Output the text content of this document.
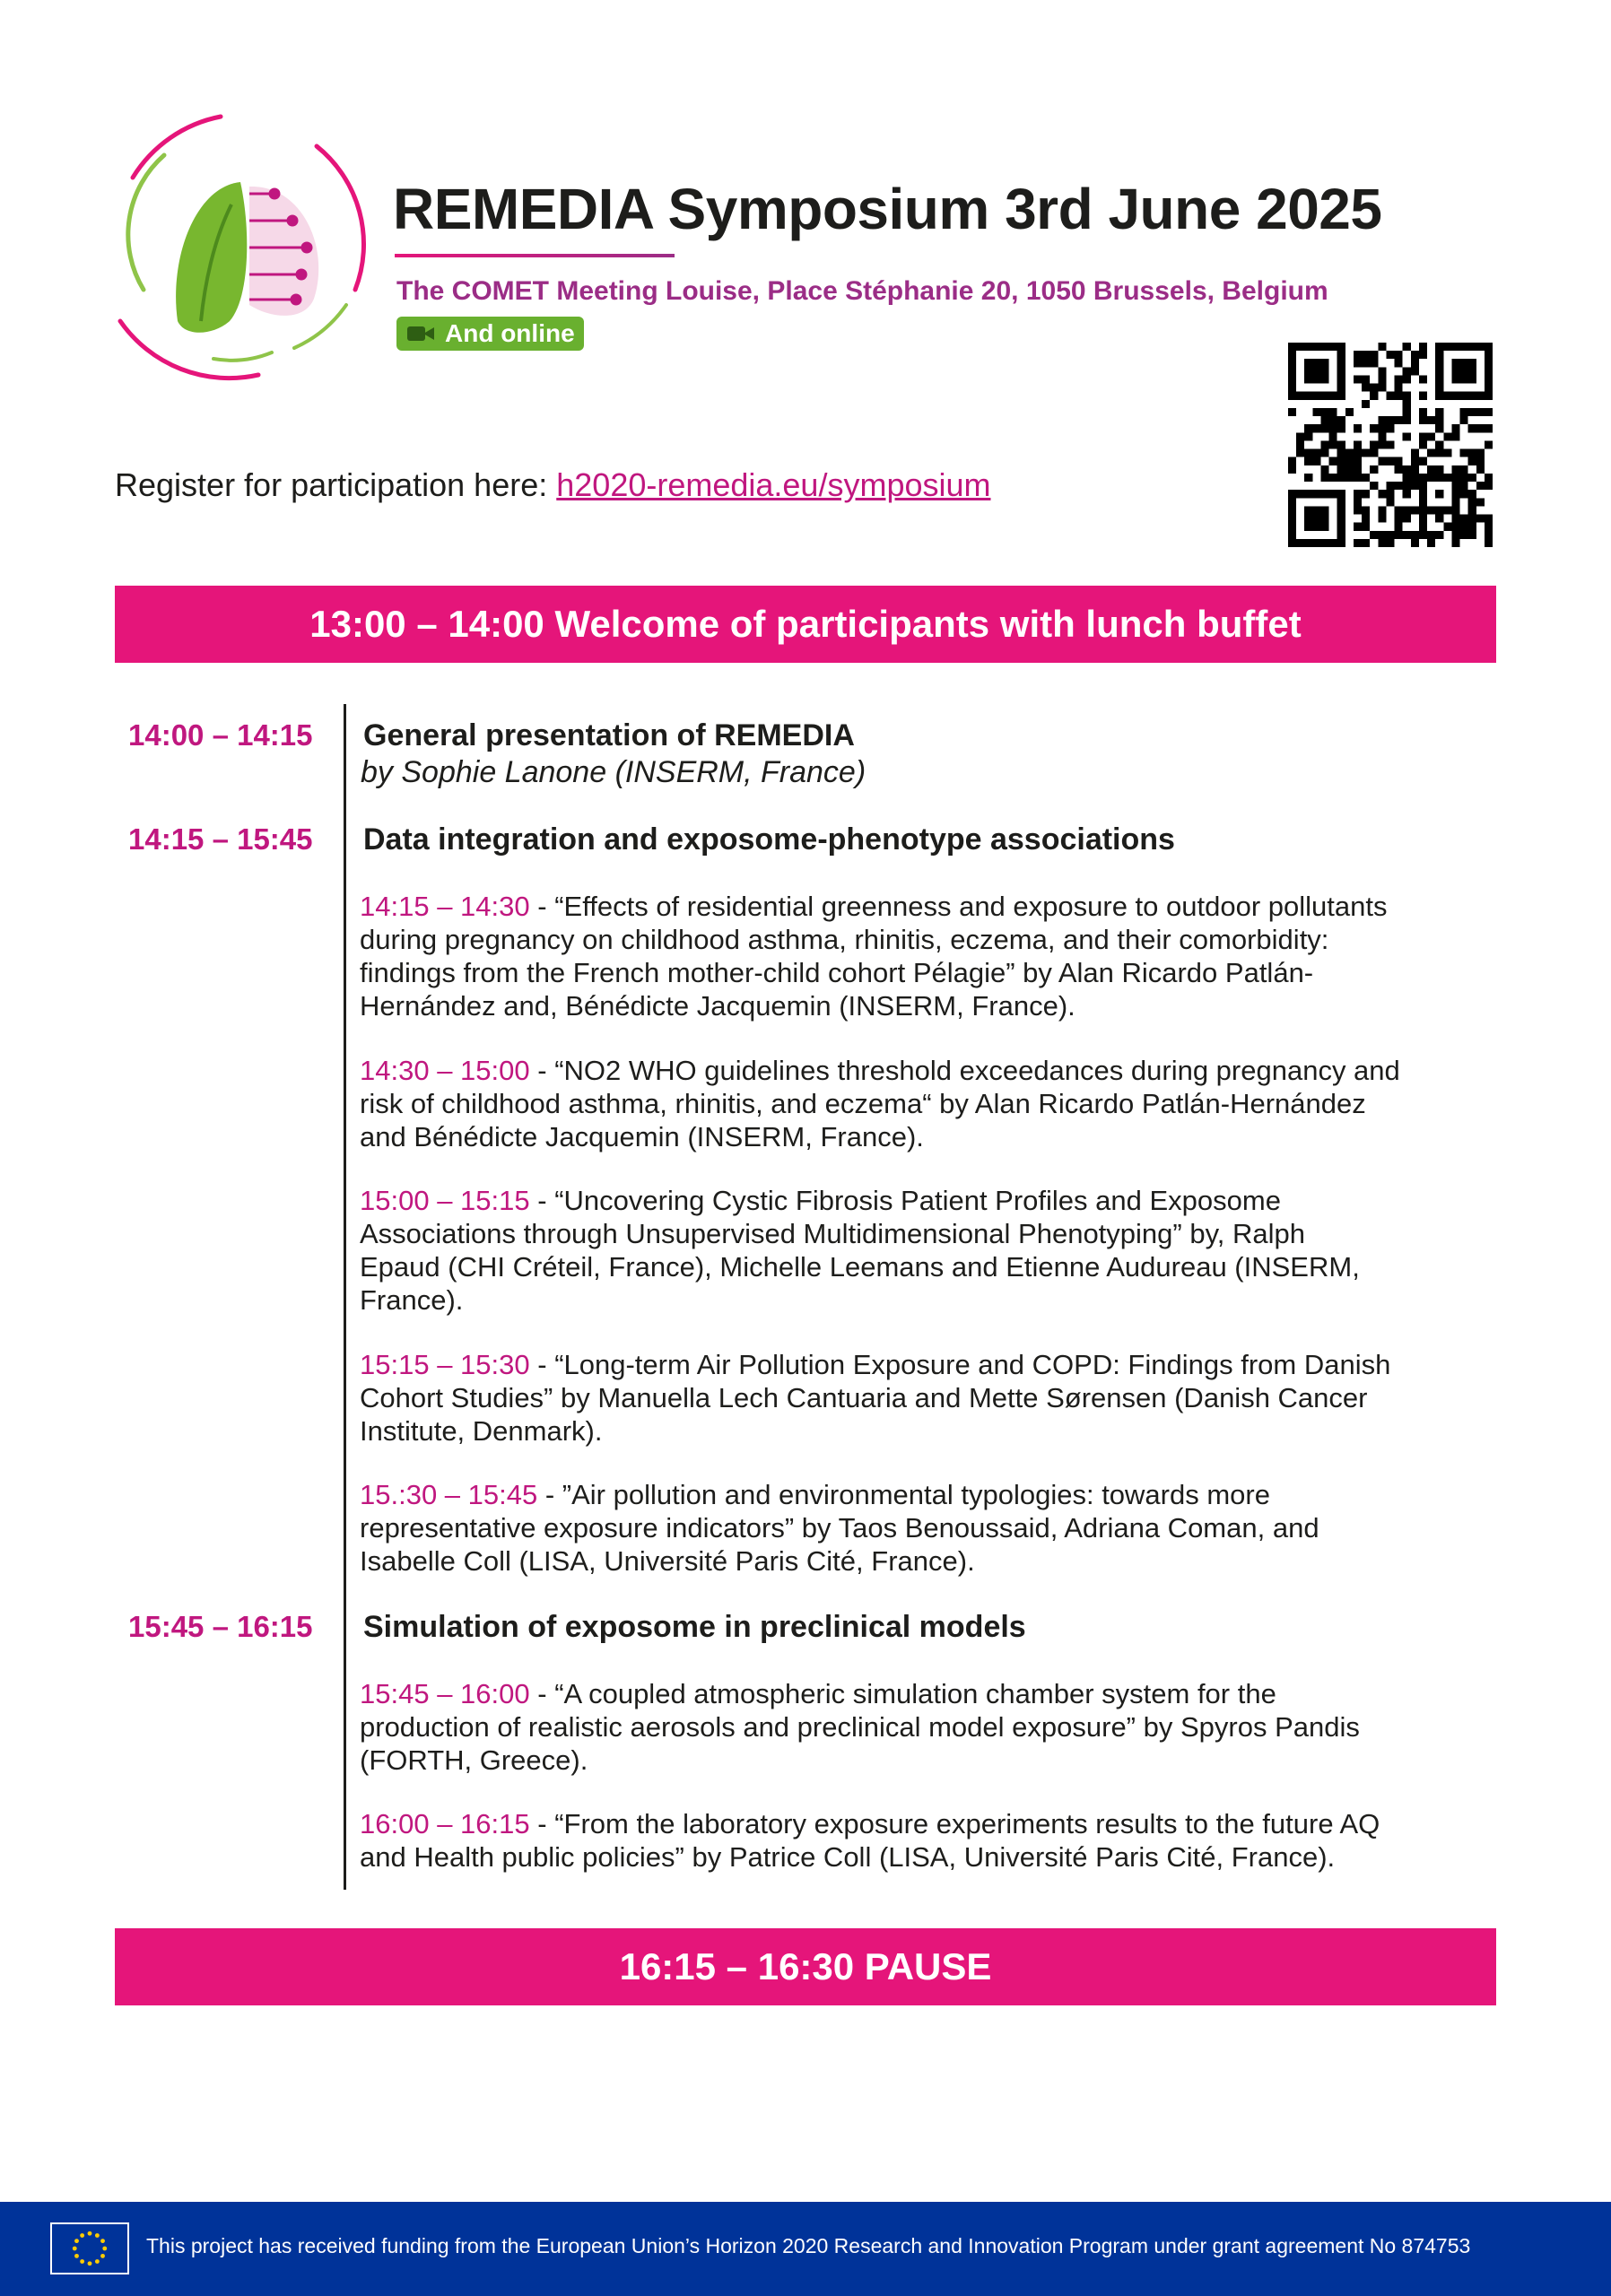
REMEDIA Symposium 3rd June 2025
The COMET Meeting Louise, Place Stéphanie 20, 1050 Brussels, Belgium
And online
Register for participation here: h2020-remedia.eu/symposium
13:00 – 14:00 Welcome of participants with lunch buffet
14:00 – 14:15 General presentation of REMEDIA
by Sophie Lanone (INSERM, France)
14:15 – 15:45 Data integration and exposome-phenotype associations
14:15 – 14:30 - “Effects of residential greenness and exposure to outdoor pollutants
during pregnancy on childhood asthma, rhinitis, eczema, and their comorbidity:
findings from the French mother-child cohort Pélagie” by Alan Ricardo Patlán-
Hernández and, Bénédicte Jacquemin (INSERM, France).
14:30 – 15:00 - “NO2 WHO guidelines threshold exceedances during pregnancy and
risk of childhood asthma, rhinitis, and eczema“ by Alan Ricardo Patlán-Hernández
and Bénédicte Jacquemin (INSERM, France).
15:00 – 15:15 - “Uncovering Cystic Fibrosis Patient Profiles and Exposome
Associations through Unsupervised Multidimensional Phenotyping” by, Ralph
Epaud (CHI Créteil, France), Michelle Leemans and Etienne Audureau (INSERM,
France).
15:15 – 15:30 - “Long-term Air Pollution Exposure and COPD: Findings from Danish
Cohort Studies” by Manuella Lech Cantuaria and Mette Sørensen (Danish Cancer
Institute, Denmark).
15.:30 – 15:45 - ”Air pollution and environmental typologies: towards more
representative exposure indicators” by Taos Benoussaid, Adriana Coman, and
Isabelle Coll (LISA, Université Paris Cité, France).
15:45 – 16:15 Simulation of exposome in preclinical models
15:45 – 16:00 - “A coupled atmospheric simulation chamber system for the
production of realistic aerosols and preclinical model exposure” by Spyros Pandis
(FORTH, Greece).
16:00 – 16:15 - “From the laboratory exposure experiments results to the future AQ
and Health public policies” by Patrice Coll (LISA, Université Paris Cité, France).
16:15 – 16:30 PAUSE
This project has received funding from the European Union’s Horizon 2020 Research and Innovation Program under grant agreement No 874753
